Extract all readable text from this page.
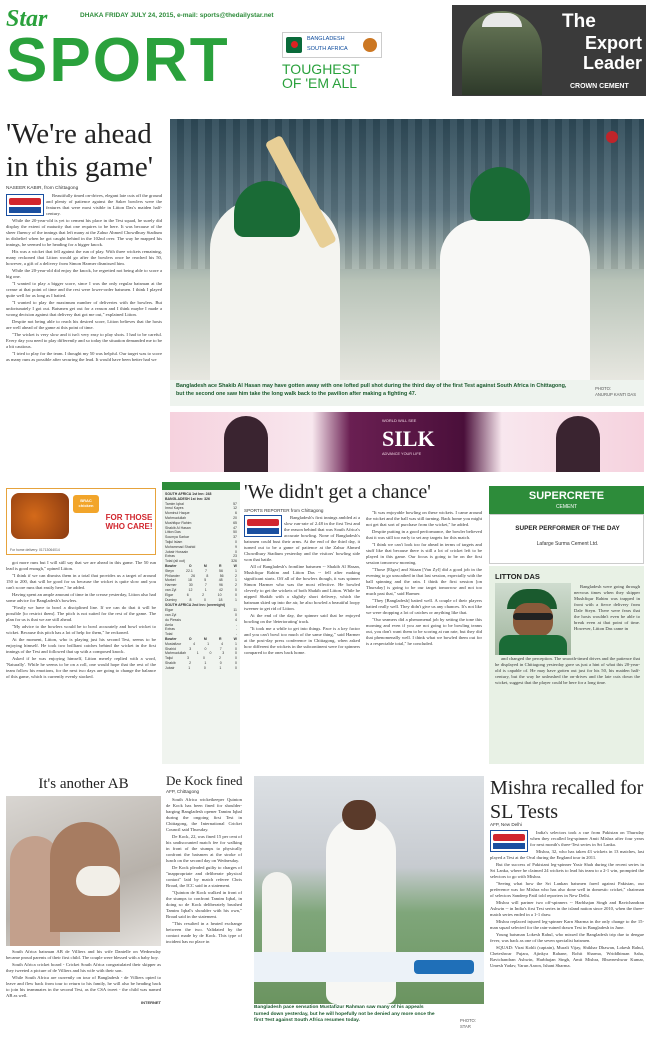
Star	DHAKA FRIDAY JULY 24, 2015, e-mail: sports@thedailystar.net
SPORT	BANGLADESH
SOUTH AFRICA
TOUGHEST OF 'EM ALL
The
Export Leader
CROWN CEMENT
'We're ahead in this game'
NASEER KABIR, from Chittagong

Beautifully timed on-drives, elegant late cuts off the ground and plenty of patience against the Saker bowlers were the features that were most visible in Litton Das's maiden half-century.

While the 20-year-old is yet to cement his place in the Test squad, he surely did display the extent of maturity that one requires to be here. It was because of the sheer fluency of the innings that left many at the Zahur Ahmed Chowdhury Stadium in disbelief when he got caught behind in the 102nd over. The way he mapped his innings, he seemed to be heading for a bigger knock.

His was a wicket that fell against the run of play. With three wickets remaining, many reckoned that Litton would go after the bowlers once he reached his 50, however, a gift of a delivery from Simon Harmer dismissed him.

While the 20-year-old did enjoy the knock, he regretted not being able to score a big one.

"I wanted to play a bigger score, since I was the only regular batsman at the crease at that point of time and the rest were lower-order batsmen. I think I played quite well for as long as I batted.

"I wanted to play the maximum number of deliveries with the bowlers. But unfortunately I got out. Batsmen get out for a reason and I think maybe I made a wrong decision against that delivery that got me out," explained Litton.

Despite not being able to reach his desired score, Litton believes that the hosts are well ahead of the game at this point of time.

"The wicket is very slow and it isn't very easy to play shots. I had to be careful. Every day you need to play differently and so today the situation demanded me to be a bit cautious.

"I tried to play for the team. I thought my 50 was helpful. Our target was to score as many runs as possible after securing the lead. It would have been better had we

Bangladesh ace Shakib Al Hasan may have gotten away with one lofted pull shot during the third day of the first Test against South Africa in Chittagong, but the second one saw him take the long walk back to the pavilion after making a fighting 47.
PHOTO:
ANURUP KANTI DAS
WORLD WILL SEE
SILK
ADVANCE YOUR LIFE
BRAC chicken
FOR THOSE WHO CARE!
For home delivery: 01713064014

got more runs but I will still say that we are ahead in this game. The 50 run lead is good enough," opined Litton.

"I think if we can dismiss them in a total that provides us a target of around 150 to 200, that will be good for us because the wicket is quite slow and you can't score runs that easily here," he added.

Having spent an ample amount of time in the crease yesterday, Litton also had some advice for Bangladesh's bowlers.

"Firstly we have to bowl a disciplined line. If we can do that it will be possible [to restrict them]. The pitch is not suited for the rest of the game. The plan for us is that we are still ahead.

"My advice to the bowlers would be to bowl accurately and bowl wicket to wicket. Because this pitch has a lot of help for them," he reckoned.

At the moment, Litton, who is playing just his second Test, seems to be enjoying himself. He took two brilliant catches behind the wicket in the first innings of the Test and followed that up with a composed knock.

Asked if he was enjoying himself, Litton merely replied with a word, 'Naturally'. While he seems to be on a roll, one would hope that the rest of the team follow his emotions, for the next two days are going to change the balance of this game, which is currently evenly stacked.

BD-SA SCOREBOARD
SOUTH AFRICA 1st Inn: 248
BANGLADESH 1st Inn: 326
Tamim Iqbal	57
Imrul Kayes	12
Mominul Haque	6
Mahmudullah	20
Mushfiqur Rahim	65
Shakib Al Hasan	47
Litton Das	50
Soumya Sarkar	37
Taijul Islam	0
Mohammad Shahid	9
Jubair Hossain	0
Extras	23
Total (all out)	326
Bowler	O	M	R	W
Steyn	22.1	7	56	1
Philander	26	8	56	2
Morkel	18	5	48	1
Harmer	30	7	96	2
van Zyl	12	1	42	0
Elgar	6	2	10	0
Duminy	8	0	18	1
SOUTH AFRICA 2nd Inn: (overnight)
Elgar	11
van Zyl	0
du Plessis	4
Amla	-
Extras	-
Total	-
Bowler	O	M	R	W
Mustafizur	4	1	4	1
Shahid	3	0	7	0
Mahmudullah	1	0	3	0
Taijul	3	0	2	0
Shakib	2	1	0	0
Jubair	1	0	1	0
'We didn't get a chance'
SPORTS REPORTER from Chittagong

Bangladesh's first innings ambled at a slow run-rate of 2.48 in the first Test and the reason behind that was South Africa's accurate bowling. None of Bangladesh's batsmen could bust their arms. At the end of the third day, it turned out to be a game of patience at the Zahur Ahmed Chowdhury Stadium yesterday and the visitors' bowling side won that battle.

All of Bangladesh's frontline batsmen -- Shakib Al Hasan, Mushfiqur Rahim and Litton Das -- fell after making significant starts. Off all of the bowlers though, it was spinner Simon Harmer who was the most effective. He bowled cleverly to get the wickets of both Shakib and Litton. While he nipped Shakib with a slightly short delivery, which the batsman skied up into the air, he also bowled a beautiful loopy tweener to get rid of Litton.

At the end of the day, the spinner said that he enjoyed bowling on the 'deteriorating' track.

"It took me a while to get into things. Pace is a key factor and you can't bowl too much of the same thing," said Harmer at the post-day press conference in Chittagong, when asked how different the wickets in the subcontinent were for spinners compared to the ones back home.

"It was enjoyable bowling on these wickets. I came around the wicket and the ball was still turning. Back home you might not get that sort of purchase from the wicket," he added.

Despite putting in a good performance, the bowler believed that it was still too early to set any targets for this match.

"I think we can't look too far ahead in terms of targets and stuff like that because there is still a lot of cricket left to be played in this game. Our focus is going to be on the first session tomorrow morning.

"Those [Elgar] and Stiaan [Van Zyl] did a good job in the evening to go unscathed in that last session, especially with the ball spinning and the rain. I think the first session [on Thursday] is going to be our target tomorrow and not too much past that," said Harmer.

"They [Bangladesh] batted well. A couple of their players batted really well. They didn't give us any chances. It's not like we were dropping a lot of catches or anything like that.

"Our seamers did a phenomenal job by setting the tone this morning and even if you are not going to be bowling teams out, you don't want them to be scoring at run rate, but they did that phenomenally well. I think what we bowled them out for is a respectable total," he concluded.

SUPERCRETE
CEMENT
SUPER PERFORMER OF THE DAY
Lafarge Surma Cement Ltd.
LITTON DAS

Bangladesh were going through nervous times when they skipper Mushfiqur Rahim was trapped in front with a fierce delivery from Dale Steyn. There were fears that the hosts wouldn't even be able to break even at that point of time. However, Litton Das came in

and changed the perception. The smooth-timed drives and the patience that he displayed in Chittagong yesterday gave us just a hint of what this 20-year-old is capable of. He may have gotten out just for his 50, his maiden half-century, but the way he unleashed the on-drives and the late cuts down the wicket, suggest that the player could be here for a long time.

It's another AB

South Africa batsman AB de Villiers and his wife Danielle on Wednesday became proud parents of their first child. The couple were blessed with a baby boy.

South Africa cricket board - Cricket South Africa congratulated their skipper as they tweeted a picture of de Villiers and his wife with their son.

While South Africa are currently on tour of Bangladesh - de Villiers opted to leave and flew back from tour to return to his family, he will also be heading back to join his teammates in the second Test, as the CSA tweet - the child was named AB as well.

INTERNET
De Kock fined
AFP, Chittagong

South Africa wicketkeeper Quinton de Kock has been fined for shoulder-barging Bangladesh opener Tamim Iqbal during the ongoing first Test in Chittagong, the International Cricket Council said Thursday.

De Kock, 22, was fined 15 per cent of his undiscounted match fee for walking in front of the stumps to physically confront the batsmen at the stroke of lunch on the second day on Wednesday.

De Kock pleaded guilty to charges of "inappropriate and deliberate physical contact" laid by match referee Chris Broad, the ICC said in a statement.

"Quinton de Kock walked in front of the stumps to confront Tamim Iqbal, in doing so de Kock deliberately brushed Tamim Iqbal's shoulder with his own," Broad said in the statement.

"This resulted in a heated exchange between the two. Validated by the contact made by de Kock. This type of incident has no place in

Bangladesh pace sensation Mustafizur Rahman saw many of his appeals turned down yesterday, but he will hopefully not be denied any more once the first Test against South Africa resumes today.	PHOTO:
STAR
Mishra recalled for SL Tests
AFP, New Delhi

India's selectors took a cue from Pakistan on Thursday when they recalled leg-spinner Amit Mishra after four years for next month's three-Test series in Sri Lanka.

Mishra, 32, who has taken 43 wickets in 13 matches, last played a Test at the Oval during the England tour in 2011.

But the success of Pakistani leg-spinner Yasir Shah during the recent series in Sri Lanka, where he claimed 24 wickets to lead his team to a 2-1 win, prompted the selectors to go with Mishra.

"Seeing what how the Sri Lankan batsmen fared against Pakistan, our preference was for Mishra who has also done well in domestic cricket," chairman of selectors Sandeep Patil told reporters in New Delhi.

Mishra will partner two off-spinners -- Harbhajan Singh and Ravichandran Ashwin -- in India's first Test series in the island nation since 2010, when the three-match series ended in a 1-1 draw.

Mishra replaced injured leg-spinner Karn Sharma in the only change to the 15-man squad selected for the rain-ruined drawn Test in Bangladesh in June.

Young batsman Lokesh Rahul, who missed the Bangladesh trip due to dengue fever, was back as one of the seven specialist batsmen.

SQUAD: Virat Kohli (captain), Murali Vijay, Shikhar Dhawan, Lokesh Rahul, Cheteshwar Pujara, Ajinkya Rahane, Rohit Sharma, Wriddhiman Saha, Ravichandran Ashwin, Harbhajan Singh, Amit Mishra, Bhuvneshwar Kumar, Umesh Yadav, Varun Aaron, Ishant Sharma.
